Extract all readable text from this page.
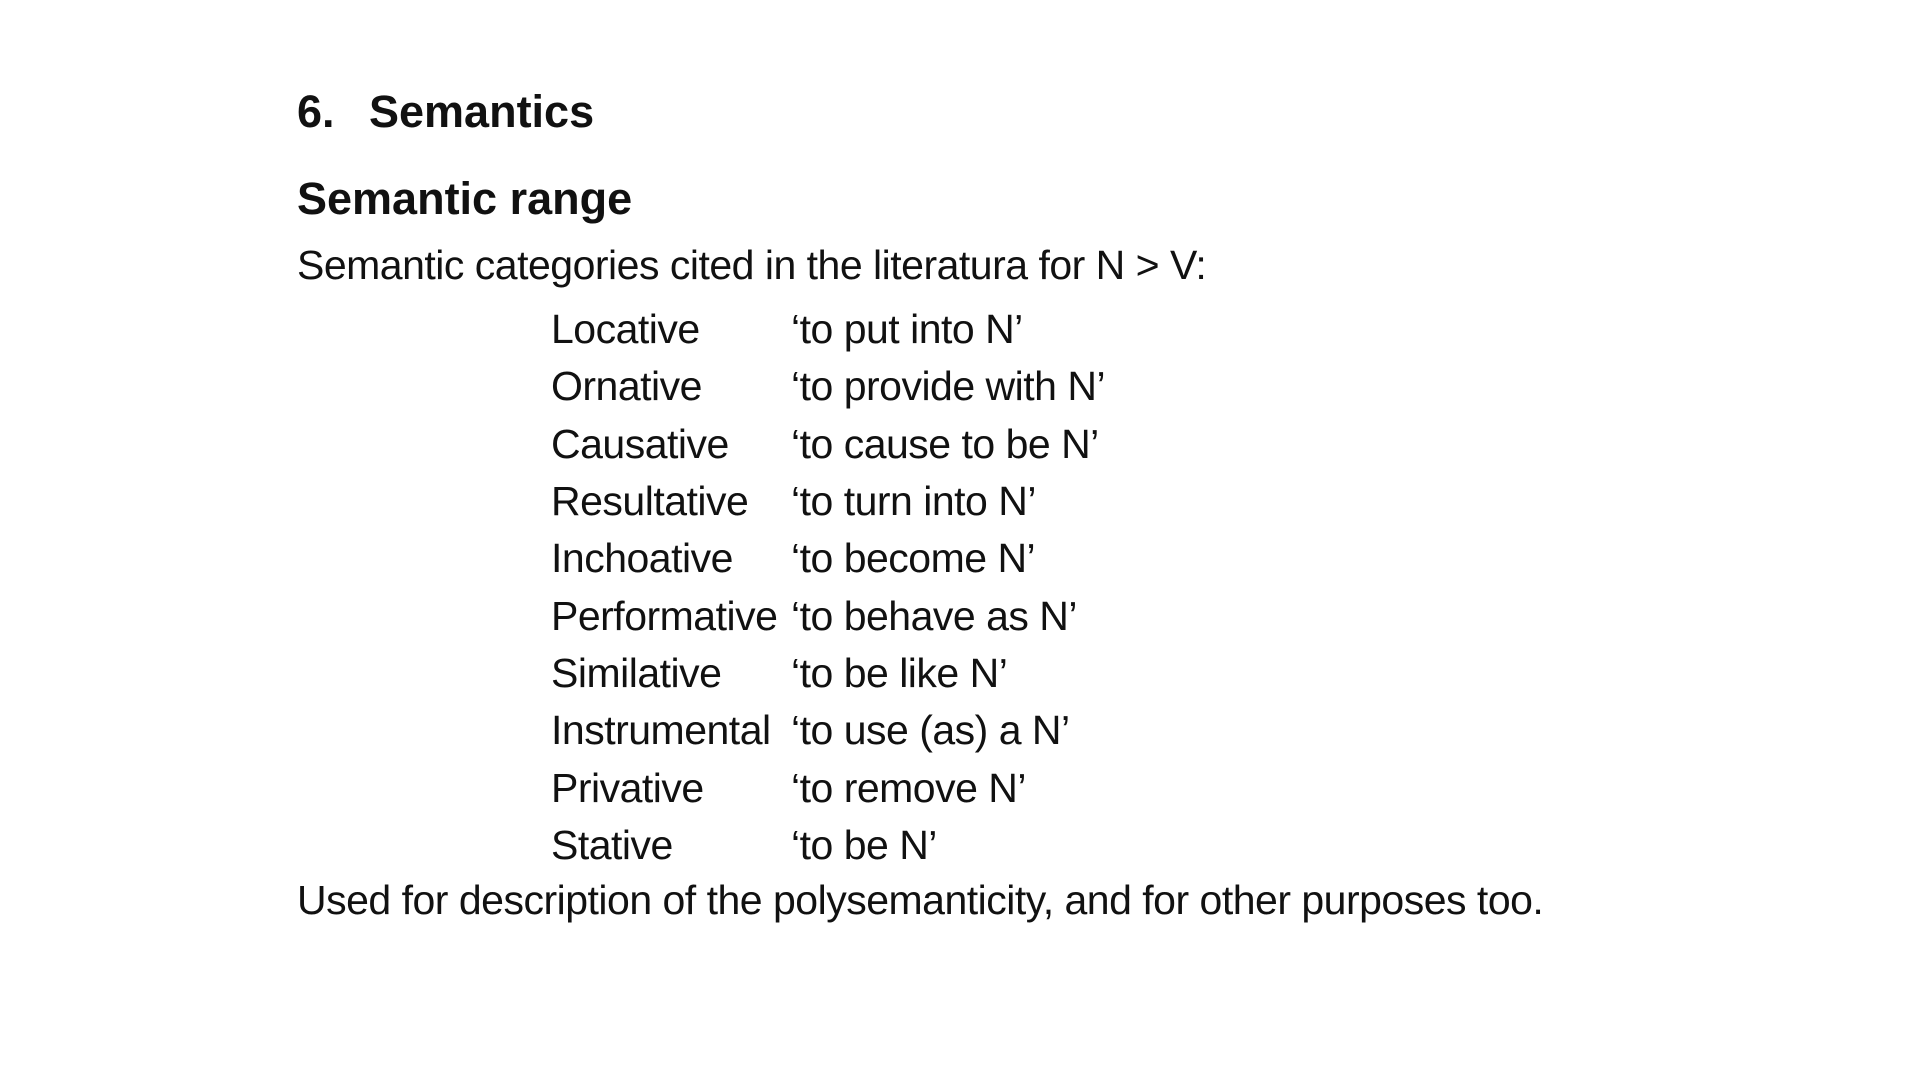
6. Semantics
Semantic range
Semantic categories cited in the literatura for N > V:
Locative	‘to put into N’
Ornative	‘to provide with N’
Causative	‘to cause to be N’
Resultative	‘to turn into N’
Inchoative	‘to become N’
Performative ‘to behave as N’
Similative	‘to be like N’
Instrumental ‘to use (as) a N’
Privative	‘to remove N’
Stative	‘to be N’
Used for description of the polysemanticity, and for other purposes too.
